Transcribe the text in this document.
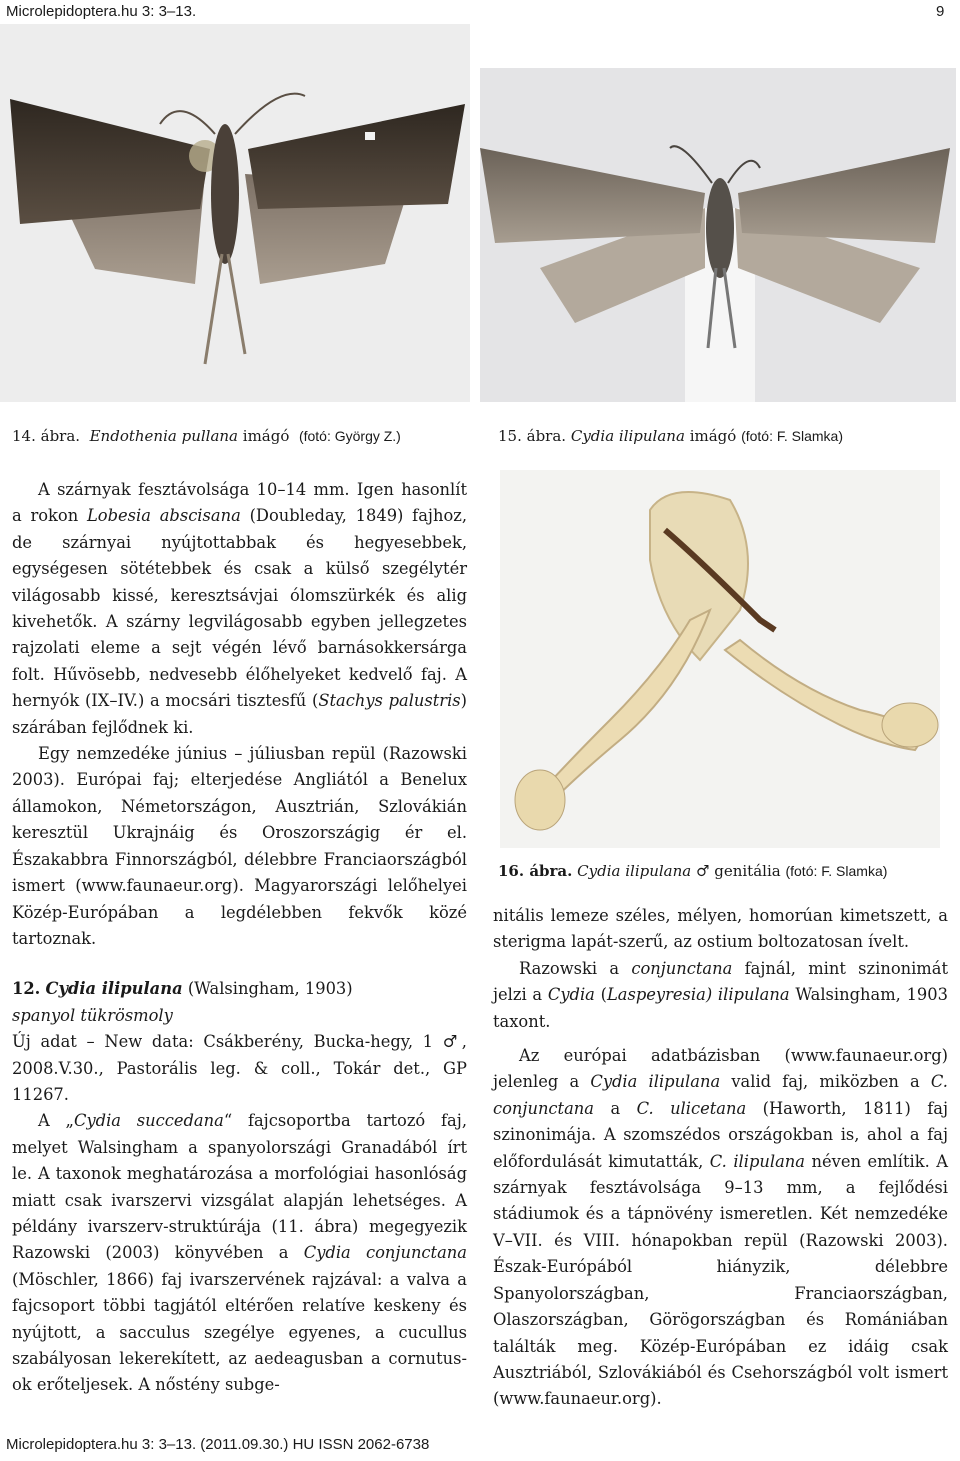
Microlepidoptera.hu 3: 3–13.	9
14. ábra. Endothenia pullana imágó (fotó: György Z.)	15. ábra. Cydia ilipulana imágó (fotó: F. Slamka)
16. ábra. Cydia ilipulana ♂ genitália (fotó: F. Slamka)

A szárnyak fesztávolsága 10–14 mm. Igen hasonlít a rokon Lobesia abscisana (Doubleday, 1849) fajhoz, de szárnyai nyújtottabbak és hegyesebbek, egységesen sötétebbek és csak a külső szegélytér világosabb kissé, keresztsávjai ólomszürkék és alig kivehetők. A szárny legvilágosabb egyben jellegzetes rajzolati eleme a sejt végén lévő barnásokkersárga folt. Hűvösebb, nedvesebb élőhelyeket kedvelő faj. A hernyók (IX–IV.) a mocsári tisztesfű (Stachys palustris) szárában fejlődnek ki.

Egy nemzedéke június – júliusban repül (Razowski 2003). Európai faj; elterjedése Angliától a Benelux államokon, Németországon, Ausztrián, Szlovákián keresztül Ukrajnáig és Oroszországig ér el. Északabbra Finnországból, délebbre Franciaországból ismert (www.faunaeur.org). Magyarországi lelőhelyei Közép-Európában a legdélebben fekvők közé tartoznak.

12. Cydia ilipulana (Walsingham, 1903)

spanyol tükrösmoly

Új adat – New data: Csákberény, Bucka-hegy, 1 ♂, 2008.V.30., Pastorális leg. & coll., Tokár det., GP 11267.

A „Cydia succedana“ fajcsoportba tartozó faj, melyet Walsingham a spanyolországi Granadából írt le. A taxonok meghatározása a morfológiai hasonlóság miatt csak ivarszervi vizsgálat alapján lehetséges. A példány ivarszerv-struktúrája (11. ábra) megegyezik Razowski (2003) könyvében a Cydia conjunctana (Möschler, 1866) faj ivarszervének rajzával: a valva a fajcsoport többi tagjától eltérően relatíve keskeny és nyújtott, a sacculus szegélye egyenes, a cucullus szabályosan lekerekített, az aedeagusban a cornutus-ok erőteljesek. A nőstény subge-

nitális lemeze széles, mélyen, homorúan kimetszett, a sterigma lapát-szerű, az ostium boltozatosan ívelt.

Razowski a conjunctana fajnál, mint szinonimát jelzi a Cydia (Laspeyresia) ilipulana Walsingham, 1903 taxont.

Az európai adatbázisban (www.faunaeur.org) jelenleg a Cydia ilipulana valid faj, miközben a C. conjunctana a C. ulicetana (Haworth, 1811) faj szinonimája. A szomszédos országokban is, ahol a faj előfordulását kimutatták, C. ilipulana néven említik. A szárnyak fesztávolsága 9–13 mm, a fejlődési stádiumok és a tápnövény ismeretlen. Két nemzedéke V–VII. és VIII. hónapokban repül (Razowski 2003). Észak-Európából hiányzik, délebbre Spanyolországban, Franciaországban, Olaszországban, Görögországban és Romániában találták meg. Közép-Európában ez idáig csak Ausztriából, Szlovákiából és Csehországból volt ismert (www.faunaeur.org).

Microlepidoptera.hu 3: 3–13. (2011.09.30.) HU ISSN 2062-6738
